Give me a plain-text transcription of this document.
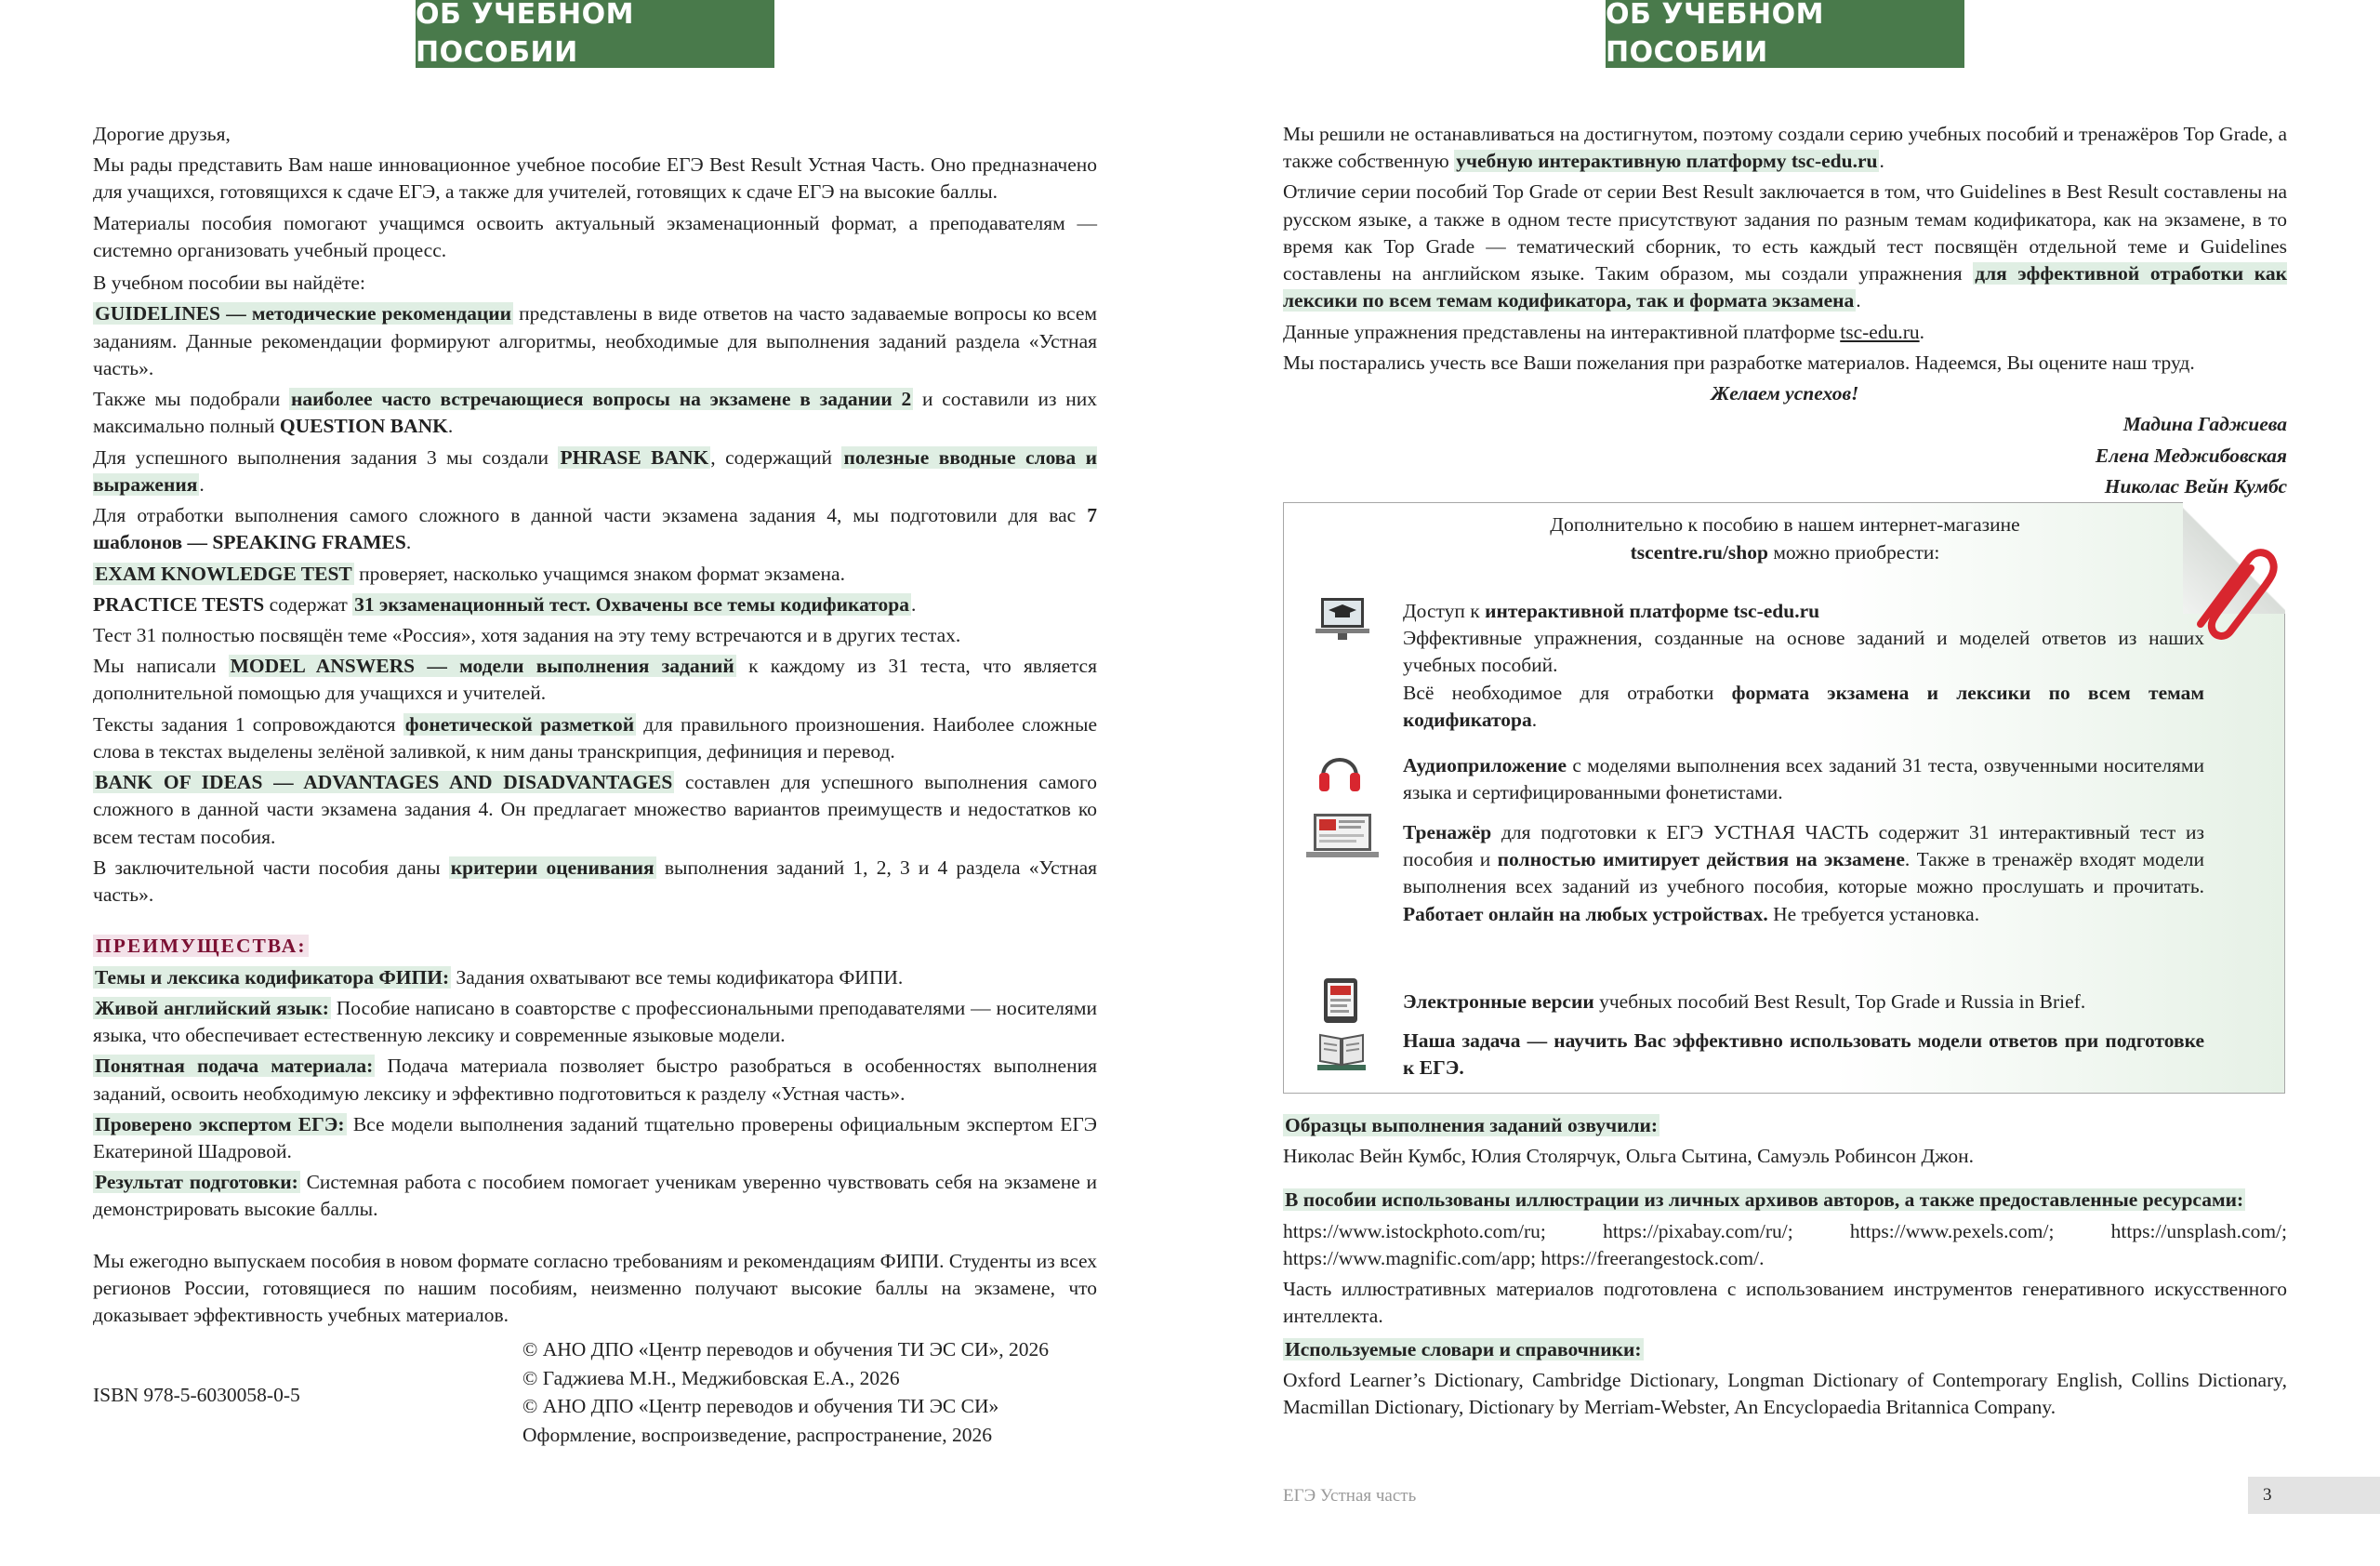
ОБ УЧЕБНОМ ПОСОБИИ

Дорогие друзья,

Мы рады представить Вам наше инновационное учебное пособие ЕГЭ Best Result Устная Часть. Оно предназначено для учащихся, готовящихся к сдаче ЕГЭ, а также для учителей, готовящих к сдаче ЕГЭ на высокие баллы.

Материалы пособия помогают учащимся освоить актуальный экзаменационный формат, а преподавателям — системно организовать учебный процесс.

В учебном пособии вы найдёте:

GUIDELINES — методические рекомендации представлены в виде ответов на часто задаваемые вопросы ко всем заданиям. Данные рекомендации формируют алгоритмы, необходимые для выполнения заданий раздела «Устная часть».

Также мы подобрали наиболее часто встречающиеся вопросы на экзамене в задании 2 и составили из них максимально полный QUESTION BANK.

Для успешного выполнения задания 3 мы создали PHRASE BANK, содержащий полезные вводные слова и выражения.

Для отработки выполнения самого сложного в данной части экзамена задания 4, мы подготовили для вас 7 шаблонов — SPEAKING FRAMES.

EXAM KNOWLEDGE TEST проверяет, насколько учащимся знаком формат экзамена.

PRACTICE TESTS содержат 31 экзаменационный тест. Охвачены все темы кодификатора.

Тест 31 полностью посвящён теме «Россия», хотя задания на эту тему встречаются и в других тестах.

Мы написали MODEL ANSWERS — модели выполнения заданий к каждому из 31 теста, что является дополнительной помощью для учащихся и учителей.

Тексты задания 1 сопровождаются фонетической разметкой для правильного произношения. Наиболее сложные слова в текстах выделены зелёной заливкой, к ним даны транскрипция, дефиниция и перевод.

BANK OF IDEAS — ADVANTAGES AND DISADVANTAGES составлен для успешного выполнения самого сложного в данной части экзамена задания 4. Он предлагает множество вариантов преимуществ и недостатков ко всем тестам пособия.

В заключительной части пособия даны критерии оценивания выполнения заданий 1, 2, 3 и 4 раздела «Устная часть».

ПРЕИМУЩЕСТВА:

Темы и лексика кодификатора ФИПИ: Задания охватывают все темы кодификатора ФИПИ.

Живой английский язык: Пособие написано в соавторстве с профессиональными преподавателями — носителями языка, что обеспечивает естественную лексику и современные языковые модели.

Понятная подача материала: Подача материала позволяет быстро разобраться в особенностях выполнения заданий, освоить необходимую лексику и эффективно подготовиться к разделу «Устная часть».

Проверено экспертом ЕГЭ: Все модели выполнения заданий тщательно проверены официальным экспертом ЕГЭ Екатериной Шадровой.

Результат подготовки: Системная работа с пособием помогает ученикам уверенно чувствовать себя на экзамене и демонстрировать высокие баллы.

Мы ежегодно выпускаем пособия в новом формате согласно требованиям и рекомендациям ФИПИ. Студенты из всех регионов России, готовящиеся по нашим пособиям, неизменно получают высокие баллы на экзамене, что доказывает эффективность учебных материалов.

ISBN 978-5-6030058-0-5
© АНО ДПО «Центр переводов и обучения ТИ ЭС СИ», 2026
© Гаджиева М.Н., Меджибовская Е.А., 2026
© АНО ДПО «Центр переводов и обучения ТИ ЭС СИ»
Оформление, воспроизведение, распространение, 2026
ОБ УЧЕБНОМ ПОСОБИИ

Мы решили не останавливаться на достигнутом, поэтому создали серию учебных пособий и тренажёров Top Grade, а также собственную учебную интерактивную платформу tsc-edu.ru.

Отличие серии пособий Top Grade от серии Best Result заключается в том, что Guidelines в Best Result составлены на русском языке, а также в одном тесте присутствуют задания по разным темам кодификатора, как на экзамене, в то время как Top Grade — тематический сборник, то есть каждый тест посвящён отдельной теме и Guidelines составлены на английском языке. Таким образом, мы создали упражнения для эффективной отработки как лексики по всем темам кодификатора, так и формата экзамена.

Данные упражнения представлены на интерактивной платформе tsc-edu.ru.

Мы постарались учесть все Ваши пожелания при разработке материалов. Надеемся, Вы оцените наш труд.

Желаем успехов!

Мадина Гаджиева

Елена Меджибовская

Николас Вейн Кумбс

Дополнительно к пособию в нашем интернет-магазине
tscentre.ru/shop можно приобрести:
Доступ к интерактивной платформе tsc-edu.ru
Эффективные упражнения, созданные на основе заданий и моделей ответов из наших учебных пособий.
Всё необходимое для отработки формата экзамена и лексики по всем темам кодификатора.
Аудиоприложение с моделями выполнения всех заданий 31 теста, озвученными носителями языка и сертифицированными фонетистами.
Тренажёр для подготовки к ЕГЭ УСТНАЯ ЧАСТЬ содержит 31 интерактивный тест из пособия и полностью имитирует действия на экзамене. Также в тренажёр входят модели выполнения всех заданий из учебного пособия, которые можно прослушать и прочитать. Работает онлайн на любых устройствах. Не требуется установка.
Электронные версии учебных пособий Best Result, Top Grade и Russia in Brief.
Наша задача — научить Вас эффективно использовать модели ответов при подготовке к ЕГЭ.

Образцы выполнения заданий озвучили:

Николас Вейн Кумбс, Юлия Столярчук, Ольга Сытина, Самуэль Робинсон Джон.

В пособии использованы иллюстрации из личных архивов авторов, а также предоставленные ресурсами:

https://www.istockphoto.com/ru; https://pixabay.com/ru/; https://www.pexels.com/; https://unsplash.com/; https://www.magnific.com/app; https://freerangestock.com/.

Часть иллюстративных материалов подготовлена с использованием инструментов генеративного искусственного интеллекта.

Используемые словари и справочники:

Oxford Learner’s Dictionary, Cambridge Dictionary, Longman Dictionary of Contemporary English, Collins Dictionary, Macmillan Dictionary, Dictionary by Merriam-Webster, An Encyclopaedia Britannica Company.

ЕГЭ Устная часть	3
